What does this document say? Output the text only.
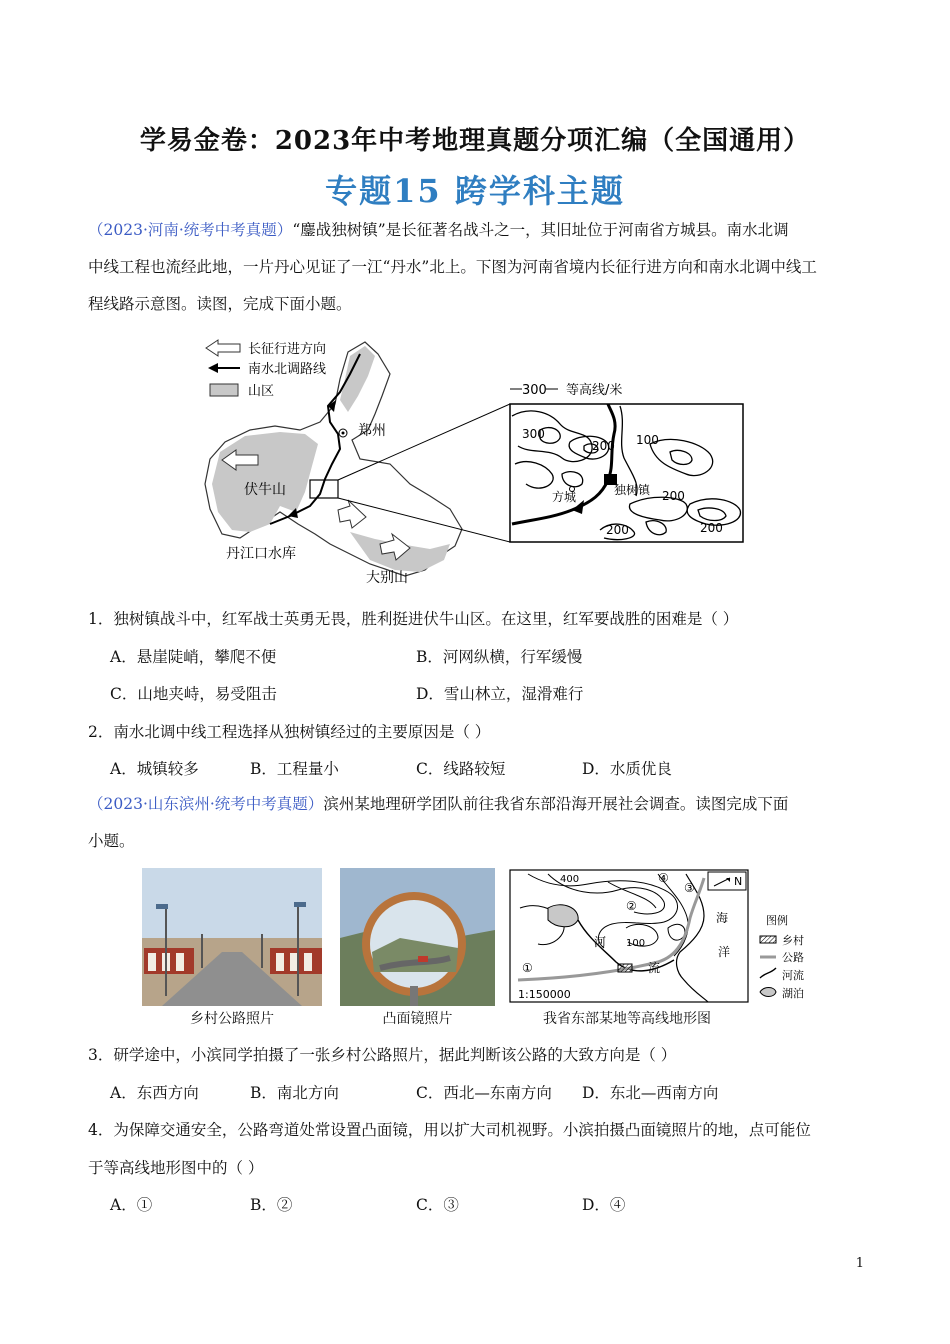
学易金卷：2023年中考地理真题分项汇编（全国通用）
专题15 跨学科主题
（2023·河南·统考中考真题）“鏖战独树镇”是长征著名战斗之一，其旧址位于河南省方城县。南水北调
中线工程也流经此地，一片丹心见证了一江“丹水”北上。下图为河南省境内长征行进方向和南水北调中线工
程线路示意图。读图，完成下面小题。
长征行进方向
南水北调路线
山区
郑州
伏牛山
丹江口水库
大别山
300 等高线/米
300
200 100
200
200	200
方城	独树镇
1．独树镇战斗中，红军战士英勇无畏，胜利挺进伏牛山区。在这里，红军要战胜的困难是（ ）
A．悬崖陡峭，攀爬不便	B．河网纵横，行军缓慢
C．山地夹峙，易受阻击	D．雪山林立，湿滑难行
2．南水北调中线工程选择从独树镇经过的主要原因是（ ）
A．城镇较多	B．工程量小	C．线路较短	D．水质优良
（2023·山东滨州·统考中考真题）滨州某地理研学团队前往我省东部沿海开展社会调查。读图完成下面
小题。
400
100
①
②
③
④	N
河
流
海
洋
1:150000
图例
乡村
公路
河流
湖泊
乡村公路照片	凸面镜照片	我省东部某地等高线地形图
3．研学途中，小滨同学拍摄了一张乡村公路照片，据此判断该公路的大致方向是（ ）
A．东西方向	B．南北方向	C．西北—东南方向 D．东北—西南方向
4．为保障交通安全，公路弯道处常设置凸面镜，用以扩大司机视野。小滨拍摄凸面镜照片的地，点可能位
于等高线地形图中的（ ）
A．①	B．②	C．③	D．④
1
